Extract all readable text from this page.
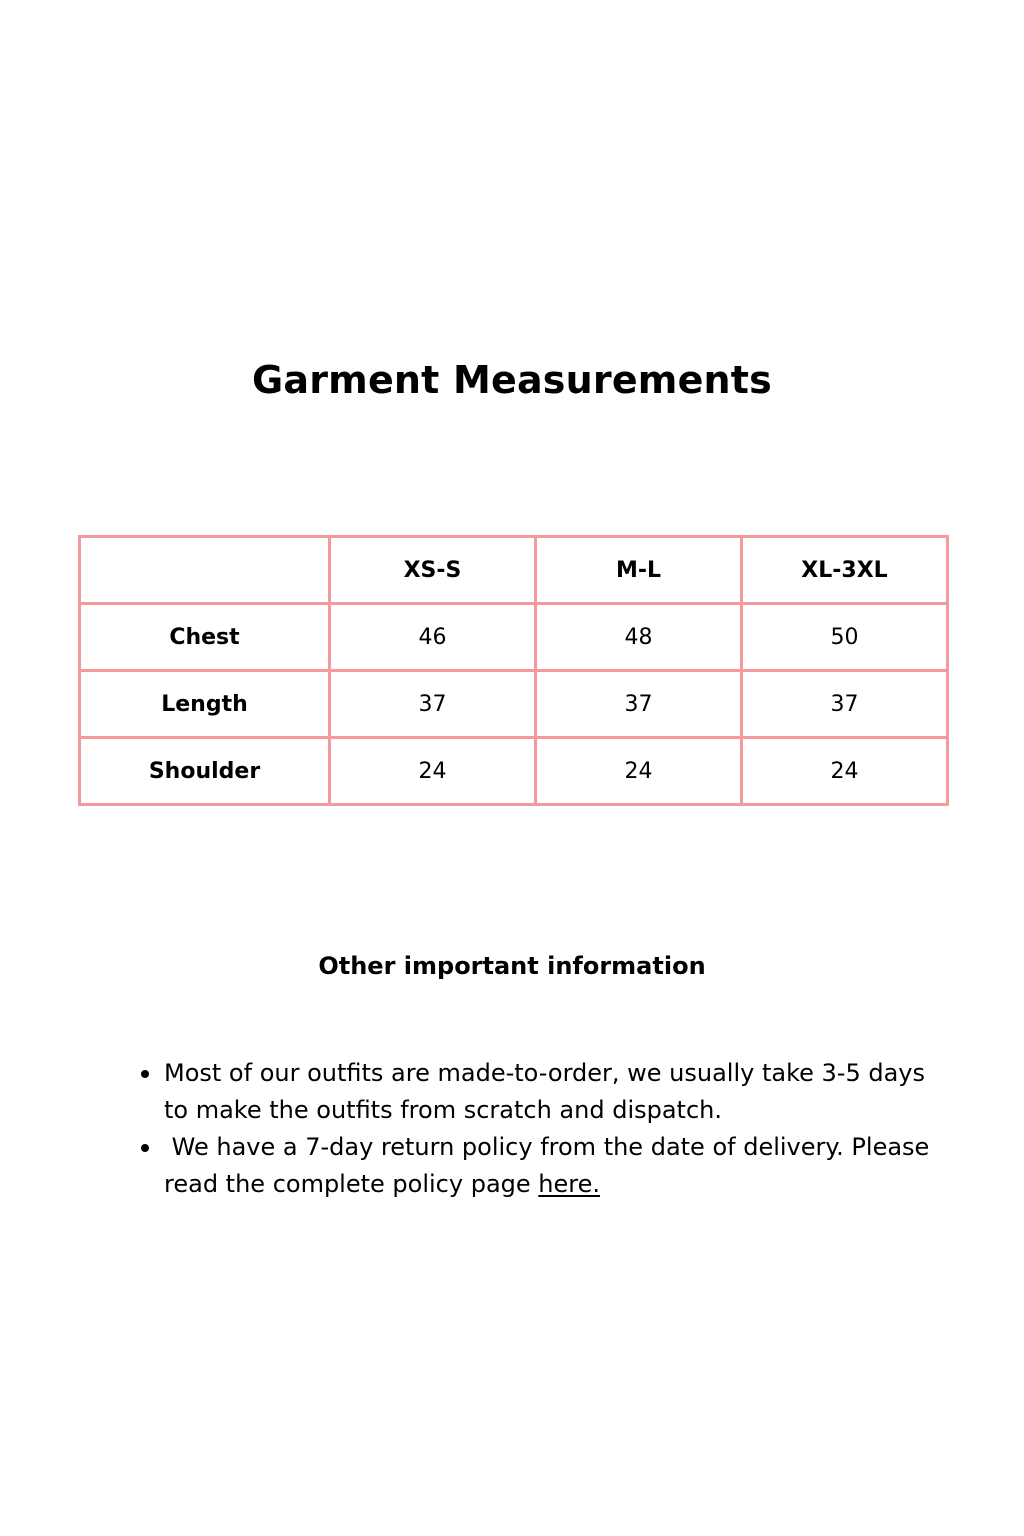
Garment Measurements
	XS-S	M-L	XL-3XL
Chest	46	48	50
Length	37	37	37
Shoulder	24	24	24
Other important information
Most of our outfits are made-to-order, we usually take 3-5 days to make the outfits from scratch and dispatch.
We have a 7-day return policy from the date of delivery. Please read the complete policy page here.
